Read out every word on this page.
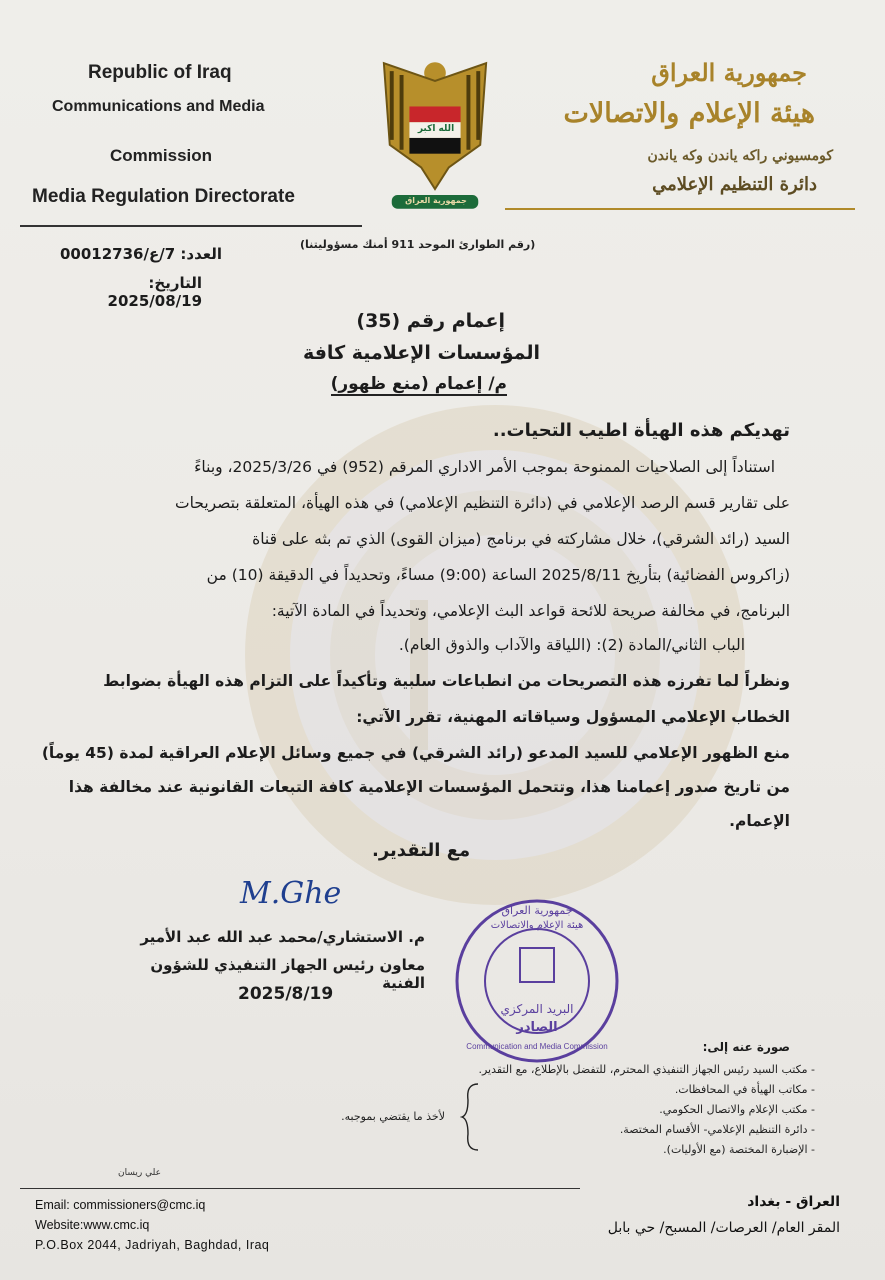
Republic of Iraq
Communications and Media
Commission
Media Regulation Directorate
الله اكبر
جمهورية العراق
جمهورية العراق
هيئة الإعلام والاتصالات
كومسيوني راكه ياندن وكه ياندن
دائرة التنظيم الإعلامي
(رقم الطوارئ الموحد 911 أمنك مسؤوليتنا)
العدد: 7/ع/00012736
التاريخ: 2025/08/19
إعمام رقم (35)
المؤسسات الإعلامية كافة
م/ إعمام (منع ظهور)
تهديكم هذه الهيأة اطيب التحيات..
استناداً إلى الصلاحيات الممنوحة بموجب الأمر الاداري المرقم (952) في 2025/3/26، وبناءً
على تقارير قسم الرصد الإعلامي في (دائرة التنظيم الإعلامي) في هذه الهيأة، المتعلقة بتصريحات
السيد (رائد الشرقي)، خلال مشاركته في برنامج (ميزان القوى) الذي تم بثه على قناة
(زاكروس الفضائية) بتأريخ 2025/8/11 الساعة (9:00) مساءً، وتحديداً في الدقيقة (10) من
البرنامج، في مخالفة صريحة للائحة قواعد البث الإعلامي، وتحديداً في المادة الآتية:
الباب الثاني/المادة (2): (اللياقة والآداب والذوق العام).
ونظراً لما تفرزه هذه التصريحات من انطباعات سلبية وتأكيداً على التزام هذه الهيأة بضوابط
الخطاب الإعلامي المسؤول وسياقاته المهنية، تقرر الآتي:
منع الظهور الإعلامي للسيد المدعو (رائد الشرقي) في جميع وسائل الإعلام العراقية لمدة (45 يوماً)
من تاريخ صدور إعمامنا هذا، وتتحمل المؤسسات الإعلامية كافة التبعات القانونية عند مخالفة هذا
الإعمام.
مع التقدير.
M.Ghe
م. الاستشاري/محمد عبد الله عبد الأمير
معاون رئيس الجهاز التنفيذي للشؤون الفنية
2025/8/19
جمهورية العراق
هيئة الإعلام والاتصالات
البريد المركزي
الصادر
Communication and Media Commission	صورة عنه إلى:
- مكتب السيد رئيس الجهاز التنفيذي المحترم، للتفضل بالإطلاع، مع التقدير.
- مكاتب الهيأة في المحافظات.
- مكتب الإعلام والاتصال الحكومي.
- دائرة التنظيم الإعلامي- الأقسام المختصة.
- الإضبارة المختصة (مع الأوليات).
لأخذ ما يقتضي بموجبه.
علي ريسان
Email: commissioners@cmc.iq
Website:www.cmc.iq
P.O.Box 2044, Jadriyah, Baghdad, Iraq
العراق - بغداد
المقر العام/ العرصات/ المسبح/ حي بابل
